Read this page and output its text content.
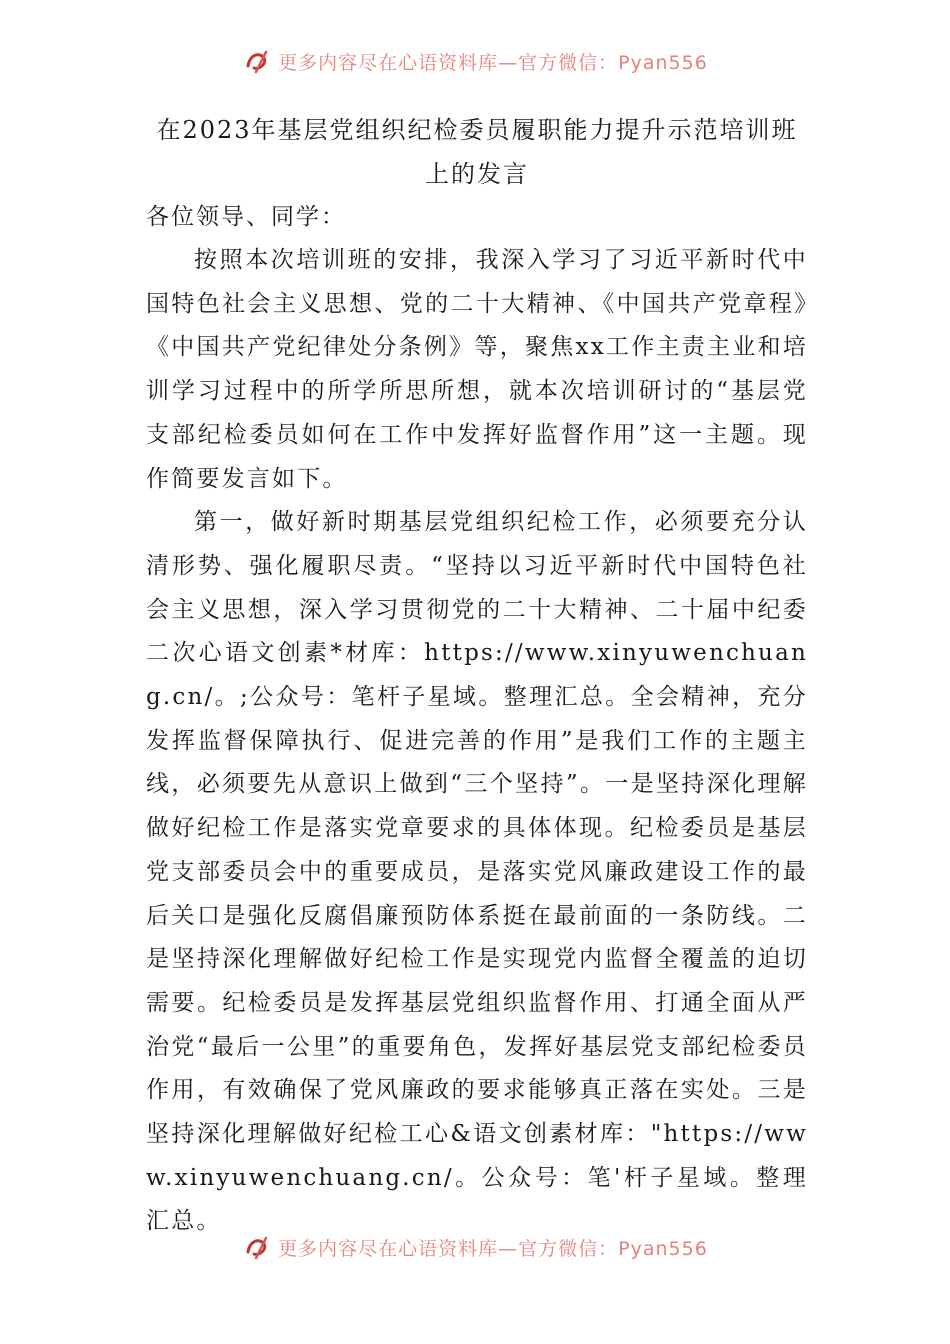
更多内容尽在心语资料库—官方微信：Pyan556
在2023年基层党组织纪检委员履职能力提升示范培训班上的发言

各位领导、同学：

按照本次培训班的安排，我深入学习了习近平新时代中国特色社会主义思想、党的二十大精神、《中国共产党章程》《中国共产党纪律处分条例》等，聚焦xx工作主责主业和培训学习过程中的所学所思所想，就本次培训研讨的“基层党支部纪检委员如何在工作中发挥好监督作用”这一主题。现作简要发言如下。

第一，做好新时期基层党组织纪检工作，必须要充分认清形势、强化履职尽责。“坚持以习近平新时代中国特色社会主义思想，深入学习贯彻党的二十大精神、二十届中纪委二次心语文创素*材库：https://www.xinyuwenchuang.cn/。;公众号：笔杆子星域。整理汇总。全会精神，充分发挥监督保障执行、促进完善的作用”是我们工作的主题主线，必须要先从意识上做到“三个坚持”。一是坚持深化理解做好纪检工作是落实党章要求的具体体现。纪检委员是基层党支部委员会中的重要成员，是落实党风廉政建设工作的最后关口是强化反腐倡廉预防体系挺在最前面的一条防线。二是坚持深化理解做好纪检工作是实现党内监督全覆盖的迫切需要。纪检委员是发挥基层党组织监督作用、打通全面从严治党“最后一公里”的重要角色，发挥好基层党支部纪检委员作用，有效确保了党风廉政的要求能够真正落在实处。三是坚持深化理解做好纪检工心&语文创素材库："https://www.xinyuwenchuang.cn/。公众号：笔'杆子星域。整理汇总。

更多内容尽在心语资料库—官方微信：Pyan556
